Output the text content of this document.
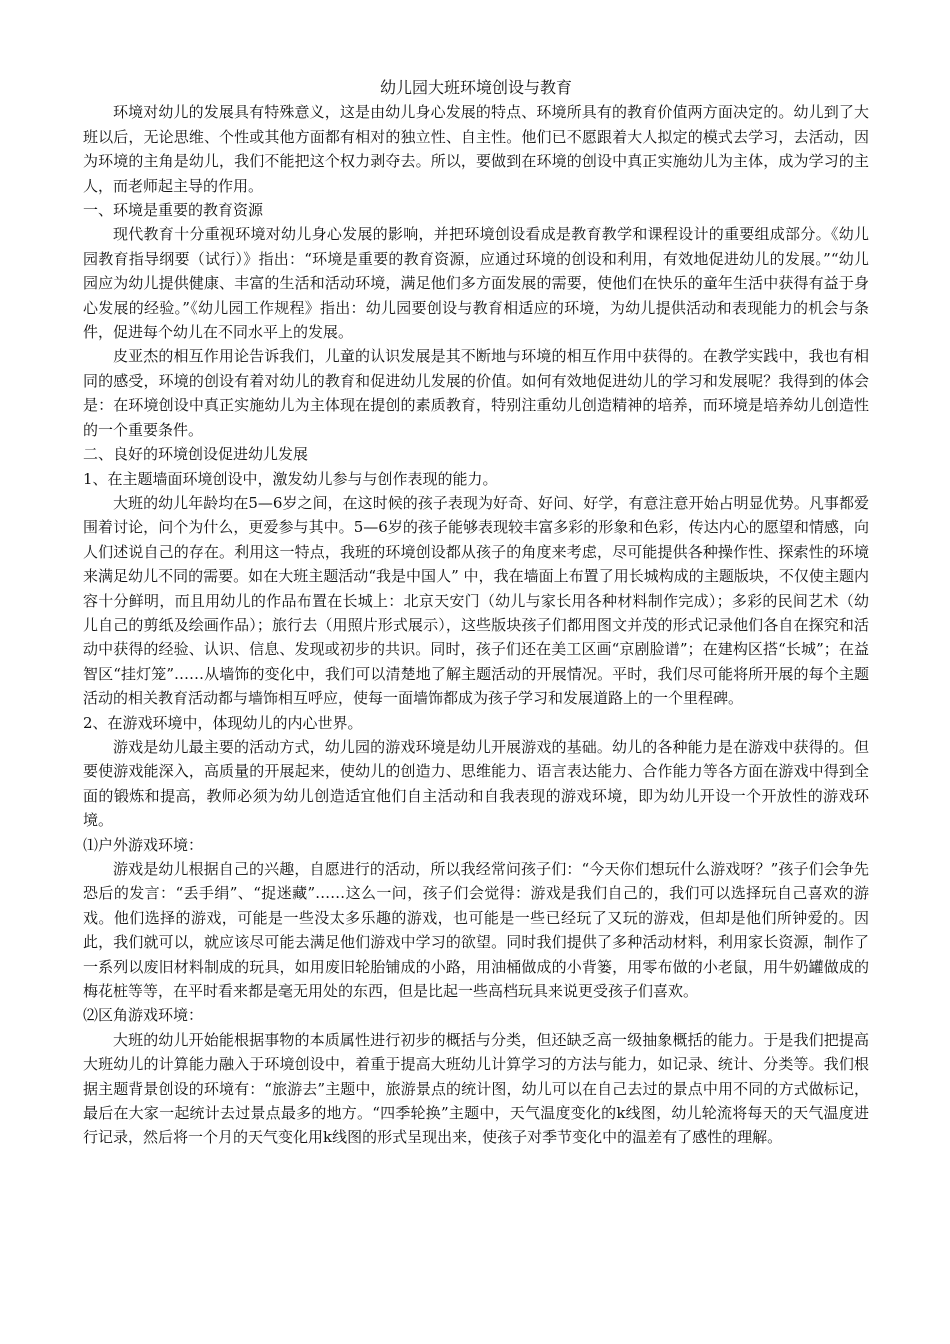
幼儿园大班环境创设与教育

环境对幼儿的发展具有特殊意义，这是由幼儿身心发展的特点、环境所具有的教育价值两方面决定的。幼儿到了大班以后，无论思维、个性或其他方面都有相对的独立性、自主性。他们已不愿跟着大人拟定的模式去学习，去活动，因为环境的主角是幼儿，我们不能把这个权力剥夺去。所以，要做到在环境的创设中真正实施幼儿为主体，成为学习的主人，而老师起主导的作用。

一、环境是重要的教育资源

现代教育十分重视环境对幼儿身心发展的影响，并把环境创设看成是教育教学和课程设计的重要组成部分。《幼儿园教育指导纲要（试行）》指出：“环境是重要的教育资源，应通过环境的创设和利用，有效地促进幼儿的发展。”“幼儿园应为幼儿提供健康、丰富的生活和活动环境，满足他们多方面发展的需要，使他们在快乐的童年生活中获得有益于身心发展的经验。”《幼儿园工作规程》指出：幼儿园要创设与教育相适应的环境，为幼儿提供活动和表现能力的机会与条件，促进每个幼儿在不同水平上的发展。

皮亚杰的相互作用论告诉我们，儿童的认识发展是其不断地与环境的相互作用中获得的。在教学实践中，我也有相同的感受，环境的创设有着对幼儿的教育和促进幼儿发展的价值。如何有效地促进幼儿的学习和发展呢？我得到的体会是：在环境创设中真正实施幼儿为主体现在提创的素质教育，特别注重幼儿创造精神的培养，而环境是培养幼儿创造性的一个重要条件。

二、良好的环境创设促进幼儿发展

1、在主题墙面环境创设中，激发幼儿参与与创作表现的能力。

大班的幼儿年龄均在5—6岁之间，在这时候的孩子表现为好奇、好问、好学，有意注意开始占明显优势。凡事都爱围着讨论，问个为什么，更爱参与其中。5—6岁的孩子能够表现较丰富多彩的形象和色彩，传达内心的愿望和情感，向人们述说自己的存在。利用这一特点，我班的环境创设都从孩子的角度来考虑，尽可能提供各种操作性、探索性的环境来满足幼儿不同的需要。如在大班主题活动“我是中国人” 中，我在墙面上布置了用长城构成的主题版块，不仅使主题内容十分鲜明，而且用幼儿的作品布置在长城上：北京天安门（幼儿与家长用各种材料制作完成）；多彩的民间艺术（幼儿自己的剪纸及绘画作品）；旅行去（用照片形式展示），这些版块孩子们都用图文并茂的形式记录他们各自在探究和活动中获得的经验、认识、信息、发现或初步的共识。同时，孩子们还在美工区画“京剧脸谱”；在建构区搭“长城”；在益智区“挂灯笼”……从墙饰的变化中，我们可以清楚地了解主题活动的开展情况。平时，我们尽可能将所开展的每个主题活动的相关教育活动都与墙饰相互呼应，使每一面墙饰都成为孩子学习和发展道路上的一个里程碑。

2、在游戏环境中，体现幼儿的内心世界。

游戏是幼儿最主要的活动方式，幼儿园的游戏环境是幼儿开展游戏的基础。幼儿的各种能力是在游戏中获得的。但要使游戏能深入，高质量的开展起来，使幼儿的创造力、思维能力、语言表达能力、合作能力等各方面在游戏中得到全面的锻炼和提高，教师必须为幼儿创造适宜他们自主活动和自我表现的游戏环境，即为幼儿开设一个开放性的游戏环境。

⑴户外游戏环境：

游戏是幼儿根据自己的兴趣，自愿进行的活动，所以我经常问孩子们：“今天你们想玩什么游戏呀？”孩子们会争先恐后的发言：“丢手绢”、“捉迷藏”……这么一问，孩子们会觉得：游戏是我们自己的，我们可以选择玩自己喜欢的游戏。他们选择的游戏，可能是一些没太多乐趣的游戏，也可能是一些已经玩了又玩的游戏，但却是他们所钟爱的。因此，我们就可以，就应该尽可能去满足他们游戏中学习的欲望。同时我们提供了多种活动材料，利用家长资源，制作了一系列以废旧材料制成的玩具，如用废旧轮胎铺成的小路，用油桶做成的小背篓，用零布做的小老鼠，用牛奶罐做成的梅花桩等等，在平时看来都是毫无用处的东西，但是比起一些高档玩具来说更受孩子们喜欢。

⑵区角游戏环境：

大班的幼儿开始能根据事物的本质属性进行初步的概括与分类，但还缺乏高一级抽象概括的能力。于是我们把提高大班幼儿的计算能力融入于环境创设中，着重于提高大班幼儿计算学习的方法与能力，如记录、统计、分类等。我们根据主题背景创设的环境有：“旅游去”主题中，旅游景点的统计图，幼儿可以在自己去过的景点中用不同的方式做标记，最后在大家一起统计去过景点最多的地方。“四季轮换”主题中，天气温度变化的k线图，幼儿轮流将每天的天气温度进行记录，然后将一个月的天气变化用k线图的形式呈现出来，使孩子对季节变化中的温差有了感性的理解。
